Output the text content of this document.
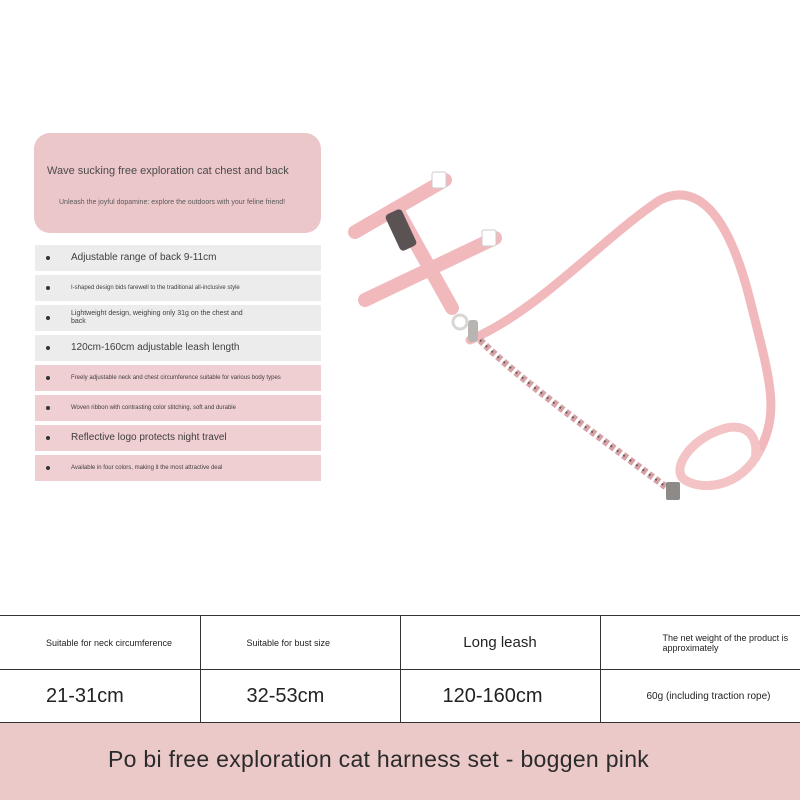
Wave sucking free exploration cat chest and back
Unleash the joyful dopamine: explore the outdoors with your feline friend!
Adjustable range of back 9-11cm
I-shaped design bids farewell to the traditional all-inclusive style
Lightweight design, weighing only 31g on the chest and back
120cm-160cm adjustable leash length
Freely adjustable neck and chest circumference suitable for various body types
Woven ribbon with contrasting color stitching, soft and durable
Reflective logo protects night travel
Available in four colors, making it the most attractive deal
Suitable for neck circumference	Suitable for bust size	Long leash	The net weight of the product is approximately
21-31cm	32-53cm	120-160cm	60g (including traction rope)
Po bi free exploration cat harness set - boggen pink
